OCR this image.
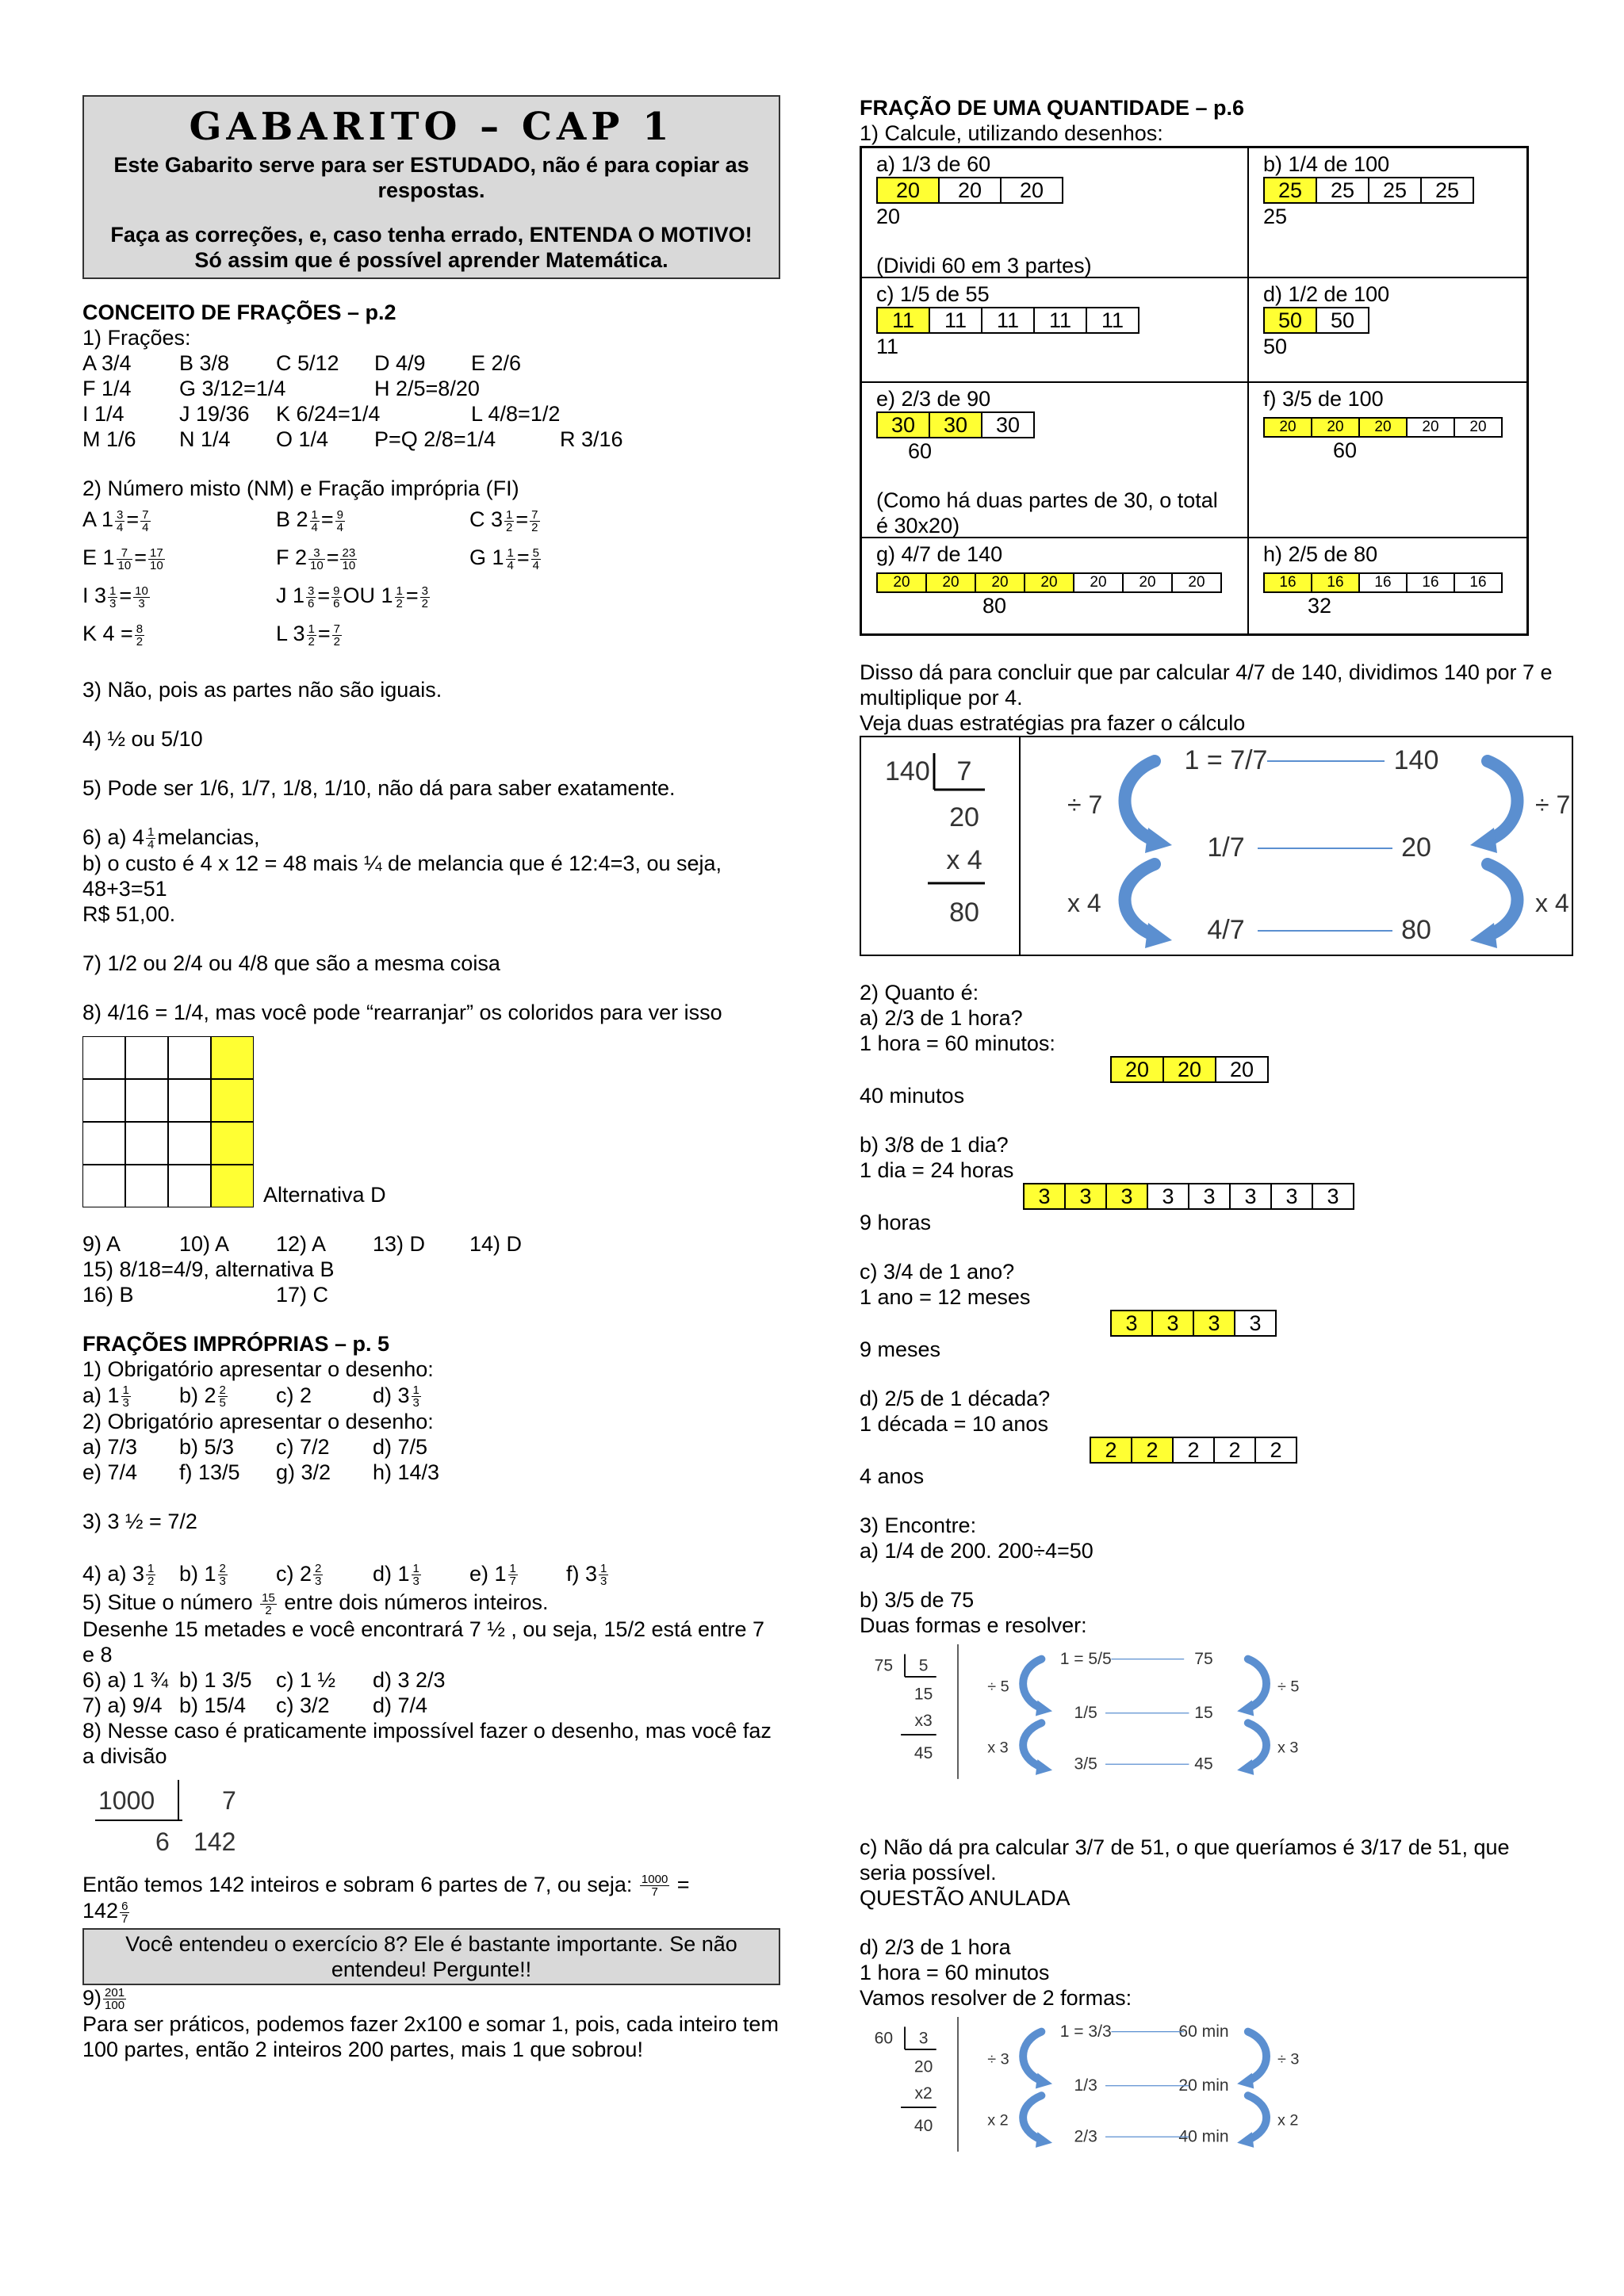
GABARITO – CAP 1
Este Gabarito serve para ser ESTUDADO, não é para copiar as respostas.
Faça as correções, e, caso tenha errado, ENTENDA O MOTIVO!
Só assim que é possível aprender Matemática.
CONCEITO DE FRAÇÕES – p.2
1) Frações:
A 3/4	B 3/8	C 5/12	D 4/9	E 2/6
F 1/4	G 3/12=1/4	H 2/5=8/20
I 1/4	J 19/36	K 6/24=1/4	L 4/8=1/2
M 1/6	N 1/4	O 1/4	P=Q 2/8=1/4	R 3/16
2) Número misto (NM) e Fração imprópria (FI)
A $1 \frac{3}{4} = \frac{7}{4}$	B $2 \frac{1}{4} = \frac{9}{4}$	C $3 \frac{1}{2} = \frac{7}{2}$
E $1 \frac{7}{10} = \frac{17}{10}$	F $2 \frac{3}{10} = \frac{23}{10}$	G $1 \frac{1}{4} = \frac{5}{4}$
I $3 \frac{1}{3} = \frac{10}{3}$	J $1 \frac{3}{6} = \frac{9}{6}$ OU $1 \frac{1}{2} = \frac{3}{2}$
K $4 = \frac{8}{2}$	L $3 \frac{1}{2} = \frac{7}{2}$
3) Não, pois as partes não são iguais.
4) ½ ou 5/10
5) Pode ser 1/6, 1/7, 1/8, 1/10, não dá para saber exatamente.
6) a) $4 \frac{1}{4}$ melancias,
b) o custo é 4 x 12 = 48 mais ¼ de melancia que é 12:4=3, ou seja, 48+3=51
R$ 51,00.
7) 1/2 ou 2/4 ou 4/8 que são a mesma coisa
8) 4/16 = 1/4, mas você pode “rearranjar” os coloridos para ver isso
Alternativa D
9) A	10) A	12) A	13) D	14) D
15) 8/18=4/9, alternativa B
16) B	17) C
FRAÇÕES IMPRÓPRIAS – p. 5
1) Obrigatório apresentar o desenho:
a) $1 \frac{1}{3} b$) $2 \frac{2}{5} c$) 2	d) $3 \frac{1}{3}$
2) Obrigatório apresentar o desenho:
a) 7/3	b) 5/3	c) 7/2	d) 7/5
e) 7/4	f) 13/5	g) 3/2	h) 14/3
3) 3 ½ = 7/2
4) a) $3 \frac{1}{2} b$) $1 \frac{2}{3} c$) $2 \frac{2}{3} d$) $1 \frac{1}{3} e$) $1 \frac{1}{7} f$) $3 \frac{1}{3}$
5) Situe o número $\frac{15}{2}$ entre dois números inteiros.
Desenhe 15 metades e você encontrará 7 ½ , ou seja, 15/2 está entre 7 e 8
6) a) 1 ¾ b) 1 3/5	c) 1 ½	d) 3 2/3
7) a) 9/4 b) 15/4	c) 3/2	d) 7/4
8) Nesse caso é praticamente impossível fazer o desenho, mas você faz a divisão
1000	7
6 142
Então temos 142 inteiros e sobram 6 partes de 7, ou seja: $\frac{1000}{7}$ =
$142 \frac{6}{7}$
Você entendeu o exercício 8? Ele é bastante importante. Se não entendeu! Pergunte!!
$9) \frac{201}{100}$
Para ser práticos, podemos fazer 2x100 e somar 1, pois, cada inteiro tem 100 partes, então 2 inteiros 200 partes, mais 1 que sobrou!
FRAÇÃO DE UMA QUANTIDADE – p.6
1) Calcule, utilizando desenhos:
a) 1/3 de 60
20 20 20
20
(Dividi 60 em 3 partes)
b) 1/4 de 100
25 25 25 25
25
c) 1/5 de 55
11 11 11 11 11
11
d) 1/2 de 100
50 50
50
e) 2/3 de 90
30 30 30
60
(Como há duas partes de 30, o total é 30x20)
f) 3/5 de 100
20 20 20 20 20
60
g) 4/7 de 140
20 20 20 20 20 20 20
80
h) 2/5 de 80
16 16 16 16 16
32
Disso dá para concluir que par calcular 4/7 de 140, dividimos 140 por 7 e multiplique por 4.
Veja duas estratégias pra fazer o cálculo
140 7
20
x 4
80
1 = 7/7	140
1/7	20
4/7	80
÷ 7
x 4
÷ 7
x 4
2) Quanto é:
a) 2/3 de 1 hora?
1 hora = 60 minutos:
20 20 20
40 minutos
b) 3/8 de 1 dia?
1 dia = 24 horas
3 3 3 3 3 3 3 3
9 horas
c) 3/4 de 1 ano?
1 ano = 12 meses
3 3 3 3
9 meses
d) 2/5 de 1 década?
1 década = 10 anos
2 2 2 2 2
4 anos
3) Encontre:
a) 1/4 de 200. 200÷4=50
b) 3/5 de 75
Duas formas e resolver:
75 5
15
x3
45
1 = 5/5	75
1/5	15
3/5	45
÷ 5
x 3
÷ 5
x 3
c) Não dá pra calcular 3/7 de 51, o que queríamos é 3/17 de 51, que seria possível.
QUESTÃO ANULADA
d) 2/3 de 1 hora
1 hora = 60 minutos
Vamos resolver de 2 formas:
60 3
20
x2
40
1 = 3/3 60 min
1/3	20 min
2/3	40 min
÷ 3
x 2
÷ 3
x 2
